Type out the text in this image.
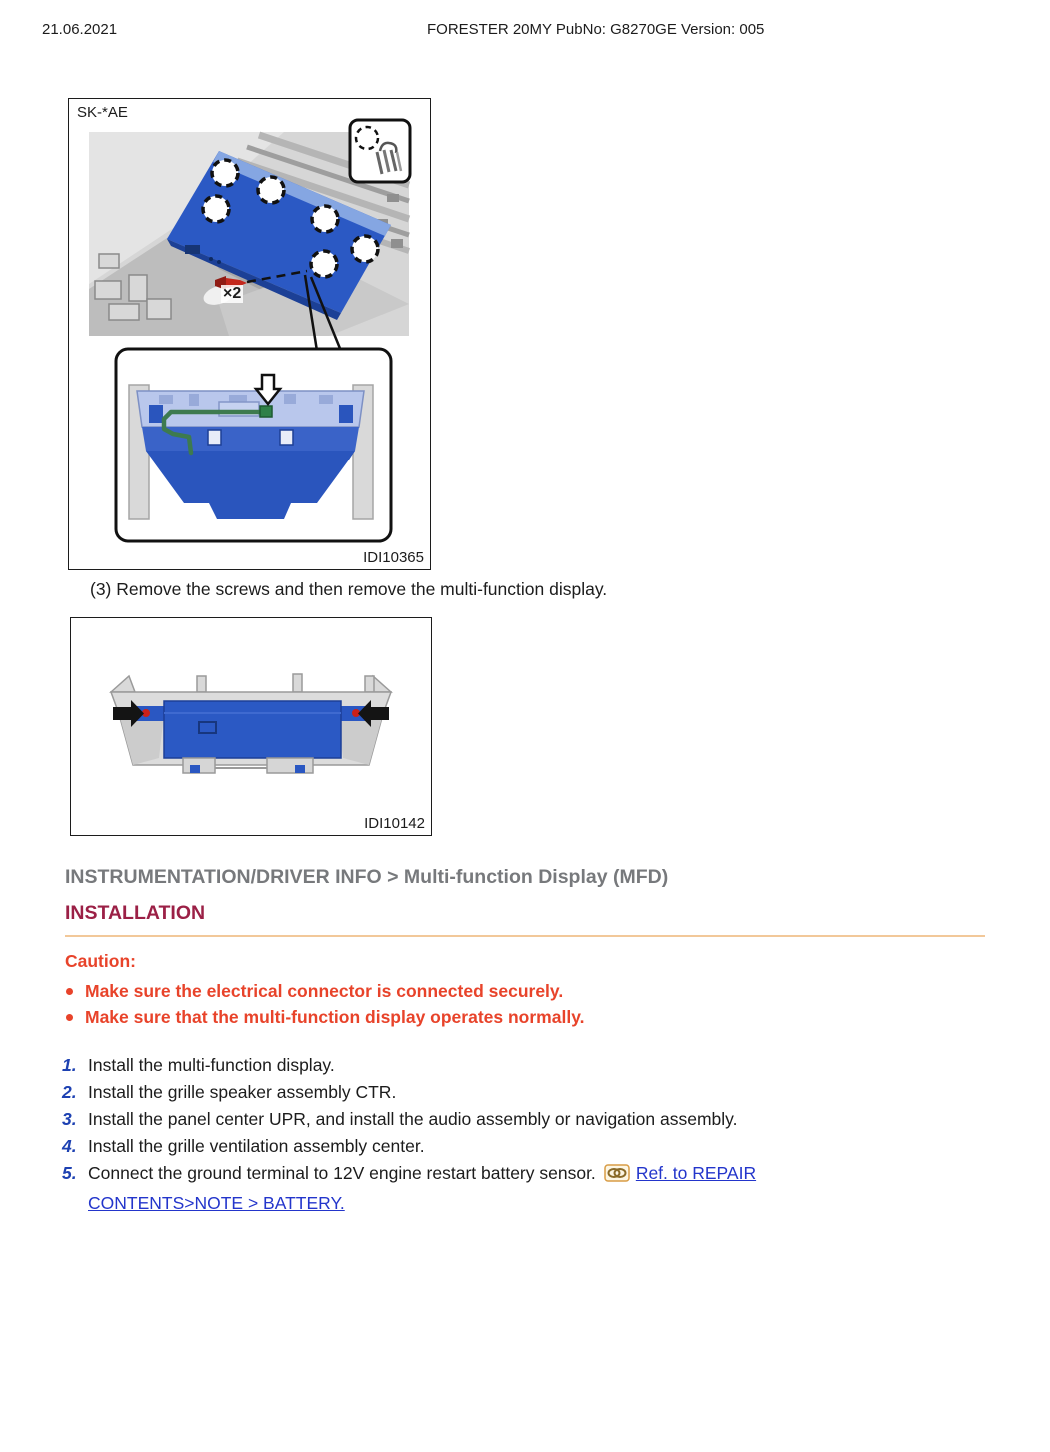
21.06.2021	FORESTER 20MY PubNo: G8270GE Version: 005
SK-*AE
×2
IDI10365
(3) Remove the screws and then remove the multi-function display.
IDI10142
INSTRUMENTATION/DRIVER INFO > Multi-function Display (MFD)
INSTALLATION
Caution:
Make sure the electrical connector is connected securely.
Make sure that the multi-function display operates normally.
1. Install the multi-function display.
2. Install the grille speaker assembly CTR.
3. Install the panel center UPR, and install the audio assembly or navigation assembly.
4. Install the grille ventilation assembly center.
5. Connect the ground terminal to 12V engine restart battery sensor. Ref. to REPAIR
CONTENTS>NOTE > BATTERY.
